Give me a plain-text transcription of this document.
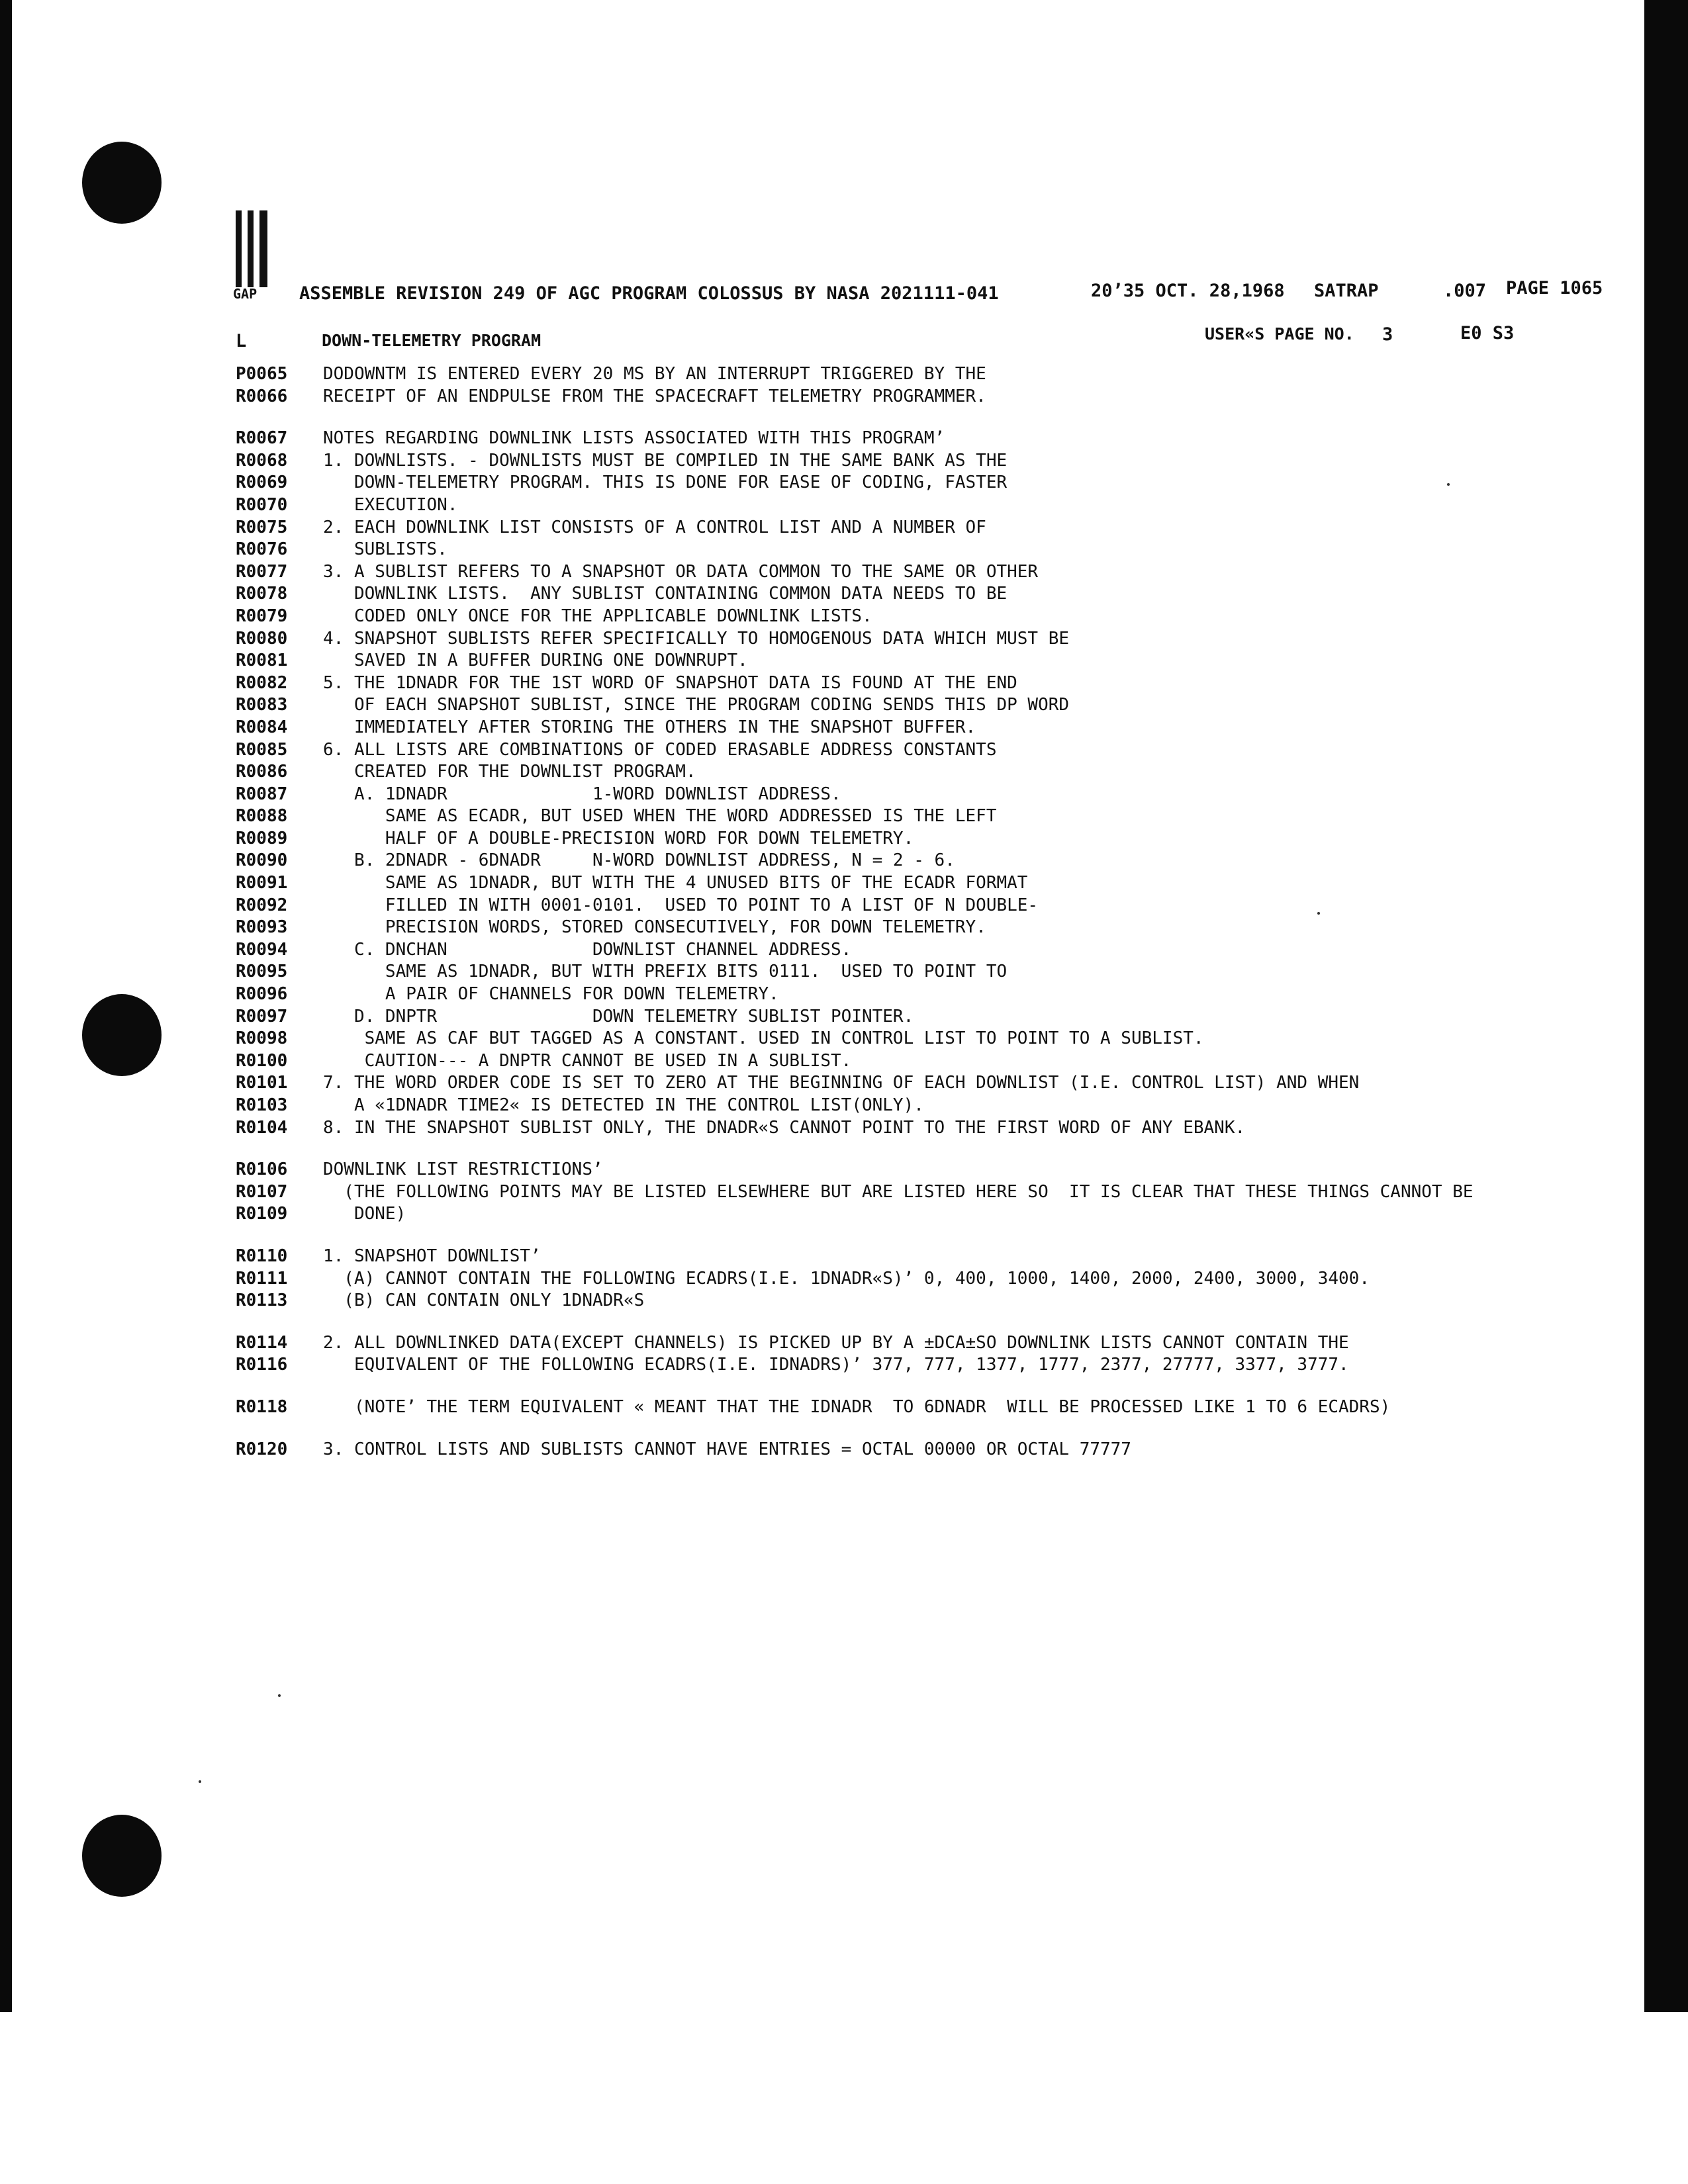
GAP ASSEMBLE REVISION 249 OF AGC PROGRAM COLOSSUS BY NASA 2021111-041	20’35 OCT. 28,1968 SATRAP	.007 PAGE 1065
L	DOWN-TELEMETRY PROGRAM	USER«S PAGE NO. 3	E0 S3
P0065	DODOWNTM IS ENTERED EVERY 20 MS BY AN INTERRUPT TRIGGERED BY THE
R0066	RECEIPT OF AN ENDPULSE FROM THE SPACECRAFT TELEMETRY PROGRAMMER.
R0067	NOTES REGARDING DOWNLINK LISTS ASSOCIATED WITH THIS PROGRAM’
R0068	1. DOWNLISTS. - DOWNLISTS MUST BE COMPILED IN THE SAME BANK AS THE
R0069	DOWN-TELEMETRY PROGRAM. THIS IS DONE FOR EASE OF CODING, FASTER
R0070	EXECUTION.
R0075	2. EACH DOWNLINK LIST CONSISTS OF A CONTROL LIST AND A NUMBER OF
R0076	SUBLISTS.
R0077	3. A SUBLIST REFERS TO A SNAPSHOT OR DATA COMMON TO THE SAME OR OTHER
R0078	DOWNLINK LISTS.  ANY SUBLIST CONTAINING COMMON DATA NEEDS TO BE
R0079	CODED ONLY ONCE FOR THE APPLICABLE DOWNLINK LISTS.
R0080	4. SNAPSHOT SUBLISTS REFER SPECIFICALLY TO HOMOGENOUS DATA WHICH MUST BE
R0081	SAVED IN A BUFFER DURING ONE DOWNRUPT.
R0082	5. THE 1DNADR FOR THE 1ST WORD OF SNAPSHOT DATA IS FOUND AT THE END
R0083	OF EACH SNAPSHOT SUBLIST, SINCE THE PROGRAM CODING SENDS THIS DP WORD
R0084	IMMEDIATELY AFTER STORING THE OTHERS IN THE SNAPSHOT BUFFER.
R0085	6. ALL LISTS ARE COMBINATIONS OF CODED ERASABLE ADDRESS CONSTANTS
R0086	CREATED FOR THE DOWNLIST PROGRAM.
R0087	A. 1DNADR              1-WORD DOWNLIST ADDRESS.
R0088	SAME AS ECADR, BUT USED WHEN THE WORD ADDRESSED IS THE LEFT
R0089	HALF OF A DOUBLE-PRECISION WORD FOR DOWN TELEMETRY.
R0090	B. 2DNADR - 6DNADR     N-WORD DOWNLIST ADDRESS, N = 2 - 6.
R0091	SAME AS 1DNADR, BUT WITH THE 4 UNUSED BITS OF THE ECADR FORMAT
R0092	FILLED IN WITH 0001-0101.  USED TO POINT TO A LIST OF N DOUBLE-
R0093	PRECISION WORDS, STORED CONSECUTIVELY, FOR DOWN TELEMETRY.
R0094	C. DNCHAN              DOWNLIST CHANNEL ADDRESS.
R0095	SAME AS 1DNADR, BUT WITH PREFIX BITS 0111.  USED TO POINT TO
R0096	A PAIR OF CHANNELS FOR DOWN TELEMETRY.
R0097	D. DNPTR               DOWN TELEMETRY SUBLIST POINTER.
R0098	SAME AS CAF BUT TAGGED AS A CONSTANT. USED IN CONTROL LIST TO POINT TO A SUBLIST.
R0100	CAUTION--- A DNPTR CANNOT BE USED IN A SUBLIST.
R0101	7. THE WORD ORDER CODE IS SET TO ZERO AT THE BEGINNING OF EACH DOWNLIST (I.E. CONTROL LIST) AND WHEN
R0103	A «1DNADR TIME2« IS DETECTED IN THE CONTROL LIST(ONLY).
R0104	8. IN THE SNAPSHOT SUBLIST ONLY, THE DNADR«S CANNOT POINT TO THE FIRST WORD OF ANY EBANK.
R0106	DOWNLINK LIST RESTRICTIONS’
R0107	(THE FOLLOWING POINTS MAY BE LISTED ELSEWHERE BUT ARE LISTED HERE SO  IT IS CLEAR THAT THESE THINGS CANNOT BE
R0109	DONE)
R0110	1. SNAPSHOT DOWNLIST’
R0111	(A) CANNOT CONTAIN THE FOLLOWING ECADRS(I.E. 1DNADR«S)’ 0, 400, 1000, 1400, 2000, 2400, 3000, 3400.
R0113	(B) CAN CONTAIN ONLY 1DNADR«S
R0114	2. ALL DOWNLINKED DATA(EXCEPT CHANNELS) IS PICKED UP BY A ±DCA±SO DOWNLINK LISTS CANNOT CONTAIN THE
R0116	EQUIVALENT OF THE FOLLOWING ECADRS(I.E. IDNADRS)’ 377, 777, 1377, 1777, 2377, 27777, 3377, 3777.
R0118	(NOTE’ THE TERM EQUIVALENT « MEANT THAT THE IDNADR  TO 6DNADR  WILL BE PROCESSED LIKE 1 TO 6 ECADRS)
R0120	3. CONTROL LISTS AND SUBLISTS CANNOT HAVE ENTRIES = OCTAL 00000 OR OCTAL 77777
